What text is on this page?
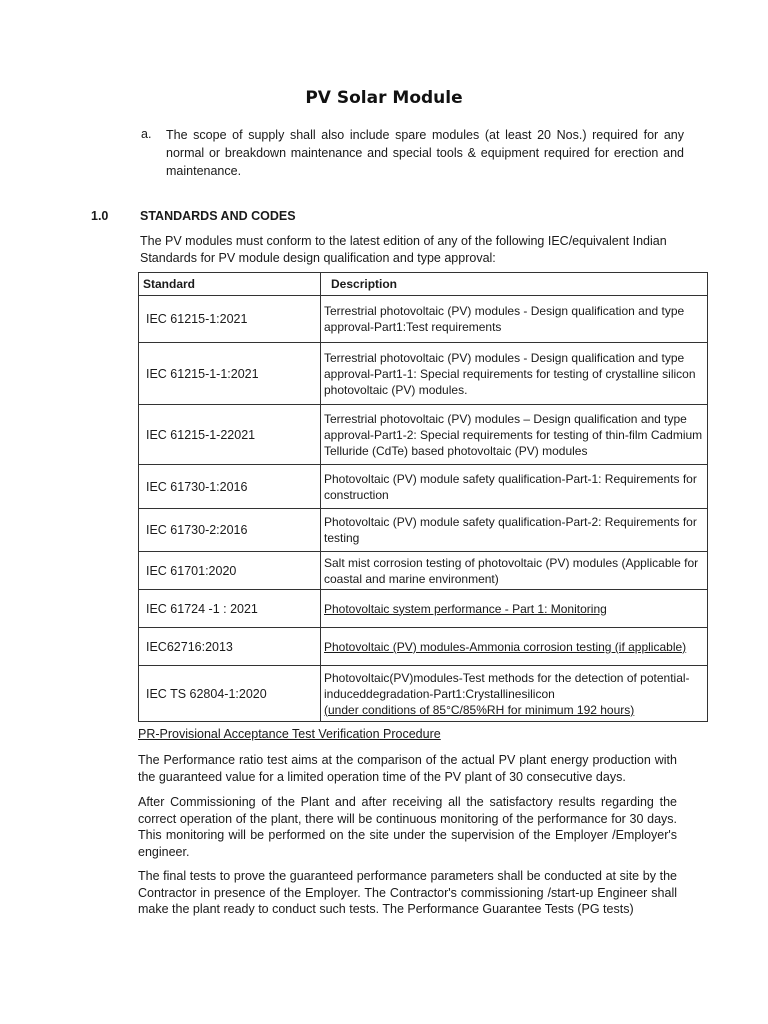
PV Solar Module
a. The scope of supply shall also include spare modules (at least 20 Nos.) required for any normal or breakdown maintenance and special tools & equipment required for erection and maintenance.
1.0	STANDARDS AND CODES
The PV modules must conform to the latest edition of any of the following IEC/equivalent Indian Standards for PV module design qualification and type approval:
Standard	Description
IEC 61215-1:2021	Terrestrial photovoltaic (PV) modules - Design qualification and type approval-Part1:Test requirements
IEC 61215-1-1:2021	Terrestrial photovoltaic (PV) modules - Design qualification and type approval-Part1-1: Special requirements for testing of crystalline silicon photovoltaic (PV) modules.
IEC 61215-1-22021	Terrestrial photovoltaic (PV) modules – Design qualification and type approval-Part1-2: Special requirements for testing of thin-film Cadmium Telluride (CdTe) based photovoltaic (PV) modules
IEC 61730-1:2016	Photovoltaic (PV) module safety qualification-Part-1: Requirements for construction
IEC 61730-2:2016	Photovoltaic (PV) module safety qualification-Part-2: Requirements for testing
IEC 61701:2020	Salt mist corrosion testing of photovoltaic (PV) modules (Applicable for coastal and marine environment)
IEC 61724 -1 : 2021	Photovoltaic system performance - Part 1: Monitoring
IEC62716:2013	Photovoltaic (PV) modules-Ammonia corrosion testing (if applicable)
IEC TS 62804-1:2020	Photovoltaic(PV)modules-Test methods for the detection of potential-induceddegradation-Part1:Crystallinesilicon
(under conditions of 85°C/85%RH for minimum 192 hours)
PR-Provisional Acceptance Test Verification Procedure

The Performance ratio test aims at the comparison of the actual PV plant energy production with the guaranteed value for a limited operation time of the PV plant of 30 consecutive days.

After Commissioning of the Plant and after receiving all the satisfactory results regarding the correct operation of the plant, there will be continuous monitoring of the performance for 30 days. This monitoring will be performed on the site under the supervision of the Employer /Employer's engineer.

The final tests to prove the guaranteed performance parameters shall be conducted at site by the Contractor in presence of the Employer. The Contractor's commissioning /start-up Engineer shall make the plant ready to conduct such tests. The Performance Guarantee Tests (PG tests)
